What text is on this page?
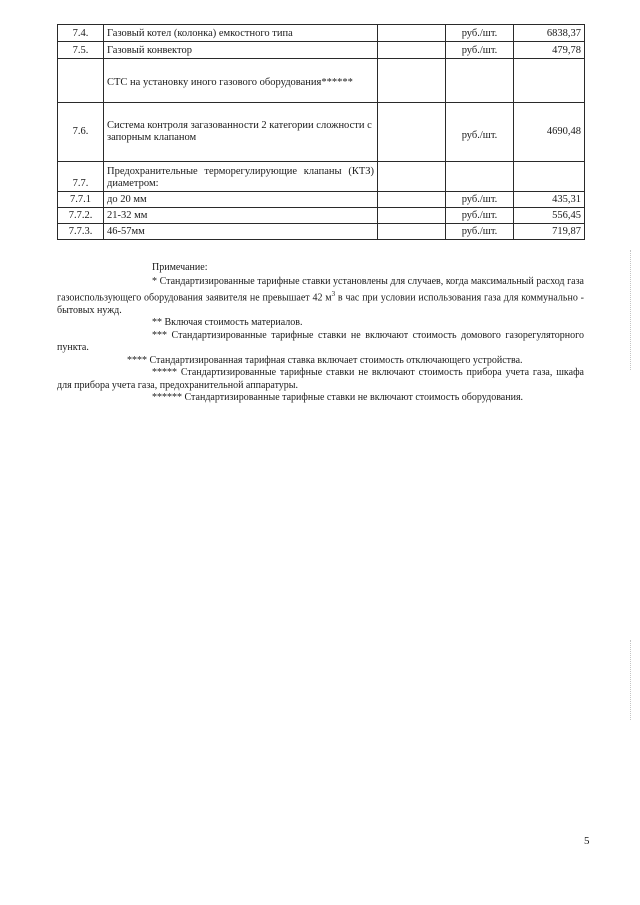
7.4.	Газовый котел (колонка) емкостного типа		руб./шт.	6838,37
7.5.	Газовый конвектор		руб./шт.	479,78
	СТС на установку иного газового оборудования******			
7.6.	Система контроля загазованности 2 категории сложности с запорным клапаном		руб./шт.	4690,48
7.7.	Предохранительные терморегулирующие клапаны (КТЗ) диаметром:			
7.7.1	до 20 мм		руб./шт.	435,31
7.7.2.	21-32 мм		руб./шт.	556,45
7.7.3.	46-57мм		руб./шт.	719,87

Примечание:

* Стандартизированные тарифные ставки установлены для случаев, когда максимальный расход газа газоиспользующего оборудования заявителя не превышает 42 $м^3$ в час при условии использования газа для коммунально - бытовых нужд.

** Включая стоимость материалов.

*** Стандартизированные тарифные ставки не включают стоимость домового газорегуляторного пункта.

**** Стандартизированная тарифная ставка включает стоимость отключающего устройства.

***** Стандартизированные тарифные ставки не включают стоимость прибора учета газа, шкафа для прибора учета газа, предохранительной аппаратуры.

****** Стандартизированные тарифные ставки не включают стоимость оборудования.

5
